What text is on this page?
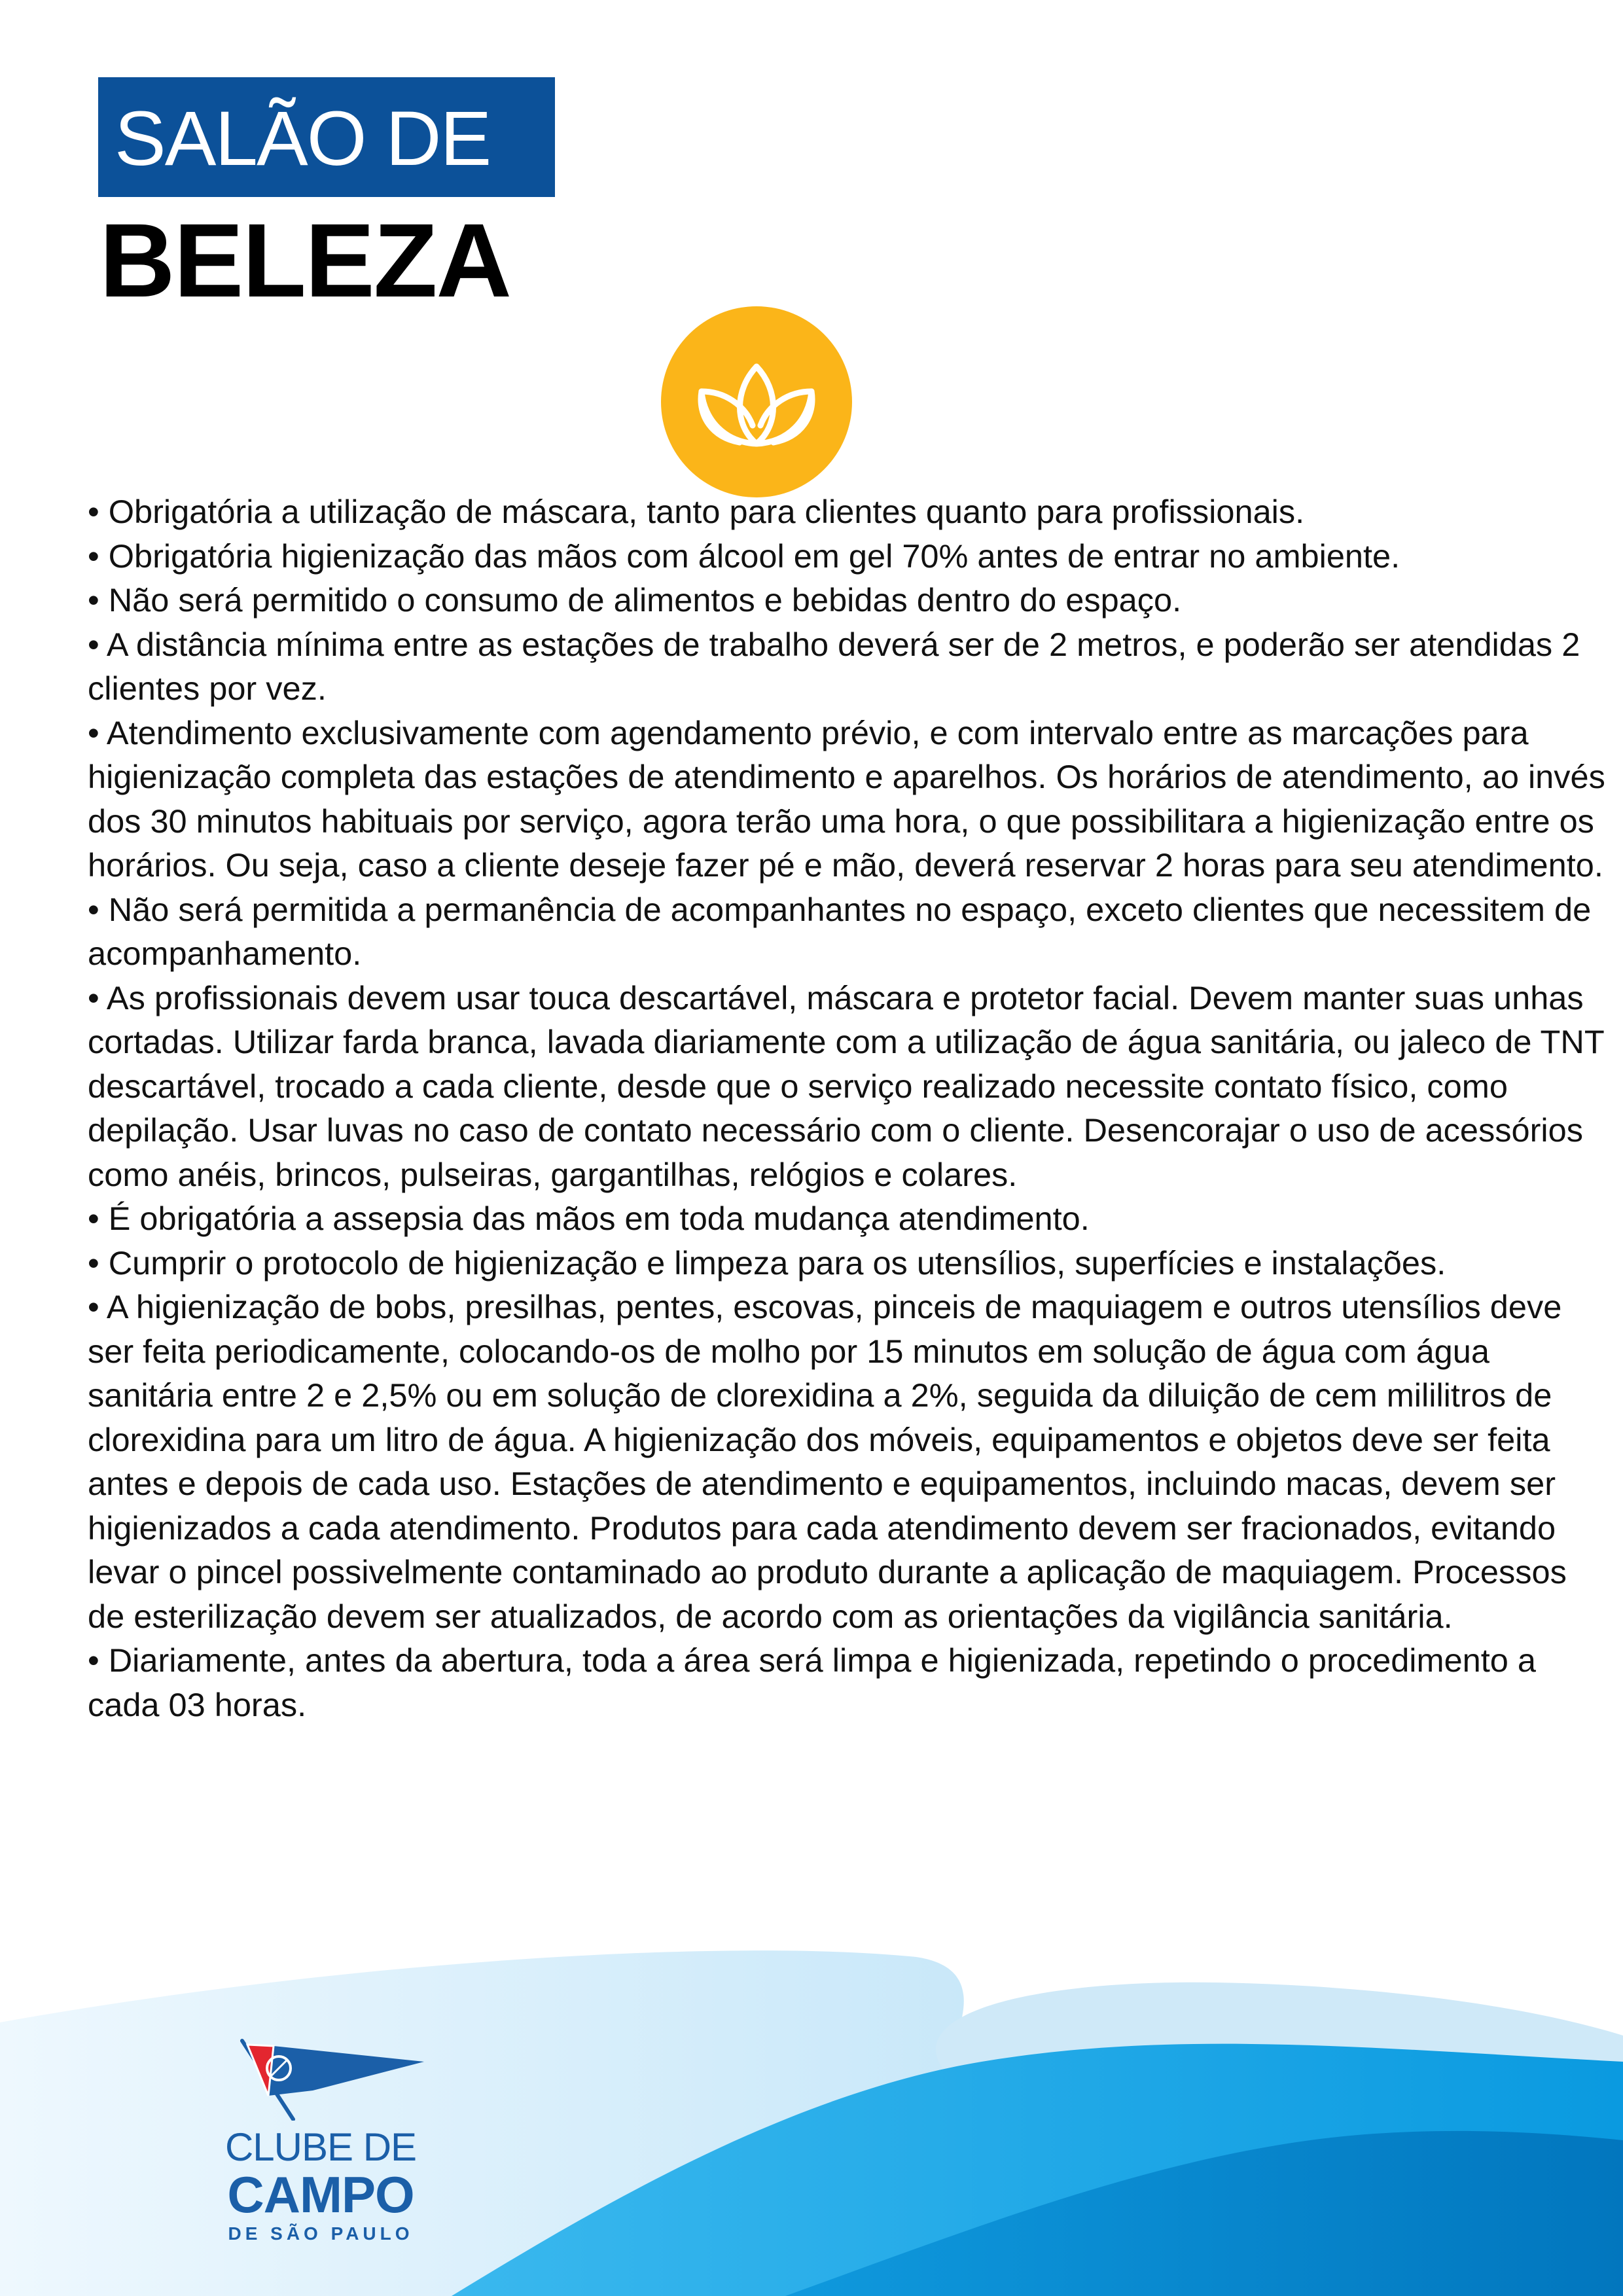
SALÃO DE
BELEZA

• Obrigatória a utilização de máscara, tanto para clientes quanto para profissionais.

• Obrigatória higienização das mãos com álcool em gel 70% antes de entrar no ambiente.

• Não será permitido o consumo de alimentos e bebidas dentro do espaço.

• A distância mínima entre as estações de trabalho deverá ser de 2 metros, e poderão ser atendidas 2 clientes por vez.

• Atendimento exclusivamente com agendamento prévio, e com intervalo entre as marcações para higienização completa das estações de atendimento e aparelhos. Os horários de atendimento, ao invés dos 30 minutos habituais por serviço, agora terão uma hora, o que possibilitara a higienização entre os horários. Ou seja, caso a cliente deseje fazer pé e mão, deverá reservar 2 horas para seu atendimento.

• Não será permitida a permanência de acompanhantes no espaço, exceto clientes que necessitem de acompanhamento.

• As profissionais devem usar touca descartável, máscara e protetor facial. Devem manter suas unhas cortadas. Utilizar farda branca, lavada diariamente com a utilização de água sanitária, ou jaleco de TNT descartável, trocado a cada cliente, desde que o serviço realizado necessite contato físico, como depilação. Usar luvas no caso de contato necessário com o cliente. Desencorajar o uso de acessórios como anéis, brincos, pulseiras, gargantilhas, relógios e colares.

• É obrigatória a assepsia das mãos em toda mudança atendimento.

• Cumprir o protocolo de higienização e limpeza para os utensílios, superfícies e instalações.

• A higienização de bobs, presilhas, pentes, escovas, pinceis de maquiagem e outros utensílios deve ser feita periodicamente, colocando-os de molho por 15 minutos em solução de água com água sanitária entre 2 e 2,5% ou em solução de clorexidina a 2%, seguida da diluição de cem mililitros de clorexidina para um litro de água. A higienização dos móveis, equipamentos e objetos deve ser feita antes e depois de cada uso. Estações de atendimento e equipamentos, incluindo macas, devem ser higienizados a cada atendimento. Produtos para cada atendimento devem ser fracionados, evitando levar o pincel possivelmente contaminado ao produto durante a aplicação de maquiagem. Processos de esterilização devem ser atualizados, de acordo com as orientações da vigilância sanitária.

• Diariamente, antes da abertura, toda a área será limpa e higienizada, repetindo o procedimento a cada 03 horas.

CLUBE DE
CAMPO
DE SÃO PAULO
